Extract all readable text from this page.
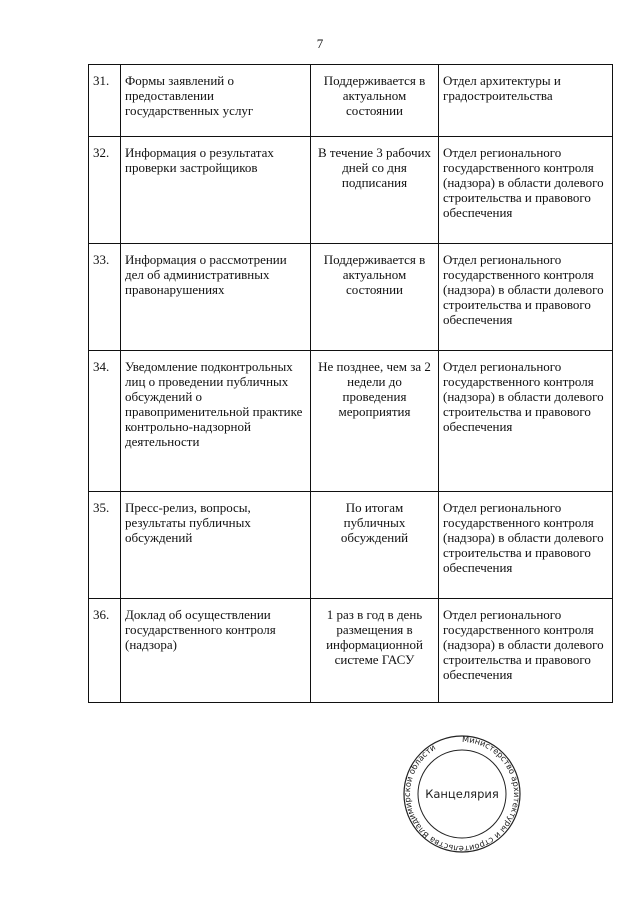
7
31.	Формы заявлений о предоставлении государственных услуг	Поддерживается в актуальном состоянии	Отдел архитектуры и градостроительства
32.	Информация о результатах проверки застройщиков	В течение 3 рабочих дней со дня подписания	Отдел регионального государственного контроля (надзора) в области долевого строительства и правового обеспечения
33.	Информация о рассмотрении дел об административных правонарушениях	Поддерживается в актуальном состоянии	Отдел регионального государственного контроля (надзора) в области долевого строительства и правового обеспечения
34.	Уведомление подконтрольных лиц о проведении публичных обсуждений о правоприменительной практике контрольно-надзорной деятельности	Не позднее, чем за 2 недели до проведения мероприятия	Отдел регионального государственного контроля (надзора) в области долевого строительства и правового обеспечения
35.	Пресс-релиз, вопросы, результаты публичных обсуждений	По итогам публичных обсуждений	Отдел регионального государственного контроля (надзора) в области долевого строительства и правового обеспечения
36.	Доклад об осуществлении государственного контроля (надзора)	1 раз в год в день размещения в информационной системе ГАСУ	Отдел регионального государственного контроля (надзора) в области долевого строительства и правового обеспечения
Министерство архитектуры и строительства Владимирской области
Канцелярия
